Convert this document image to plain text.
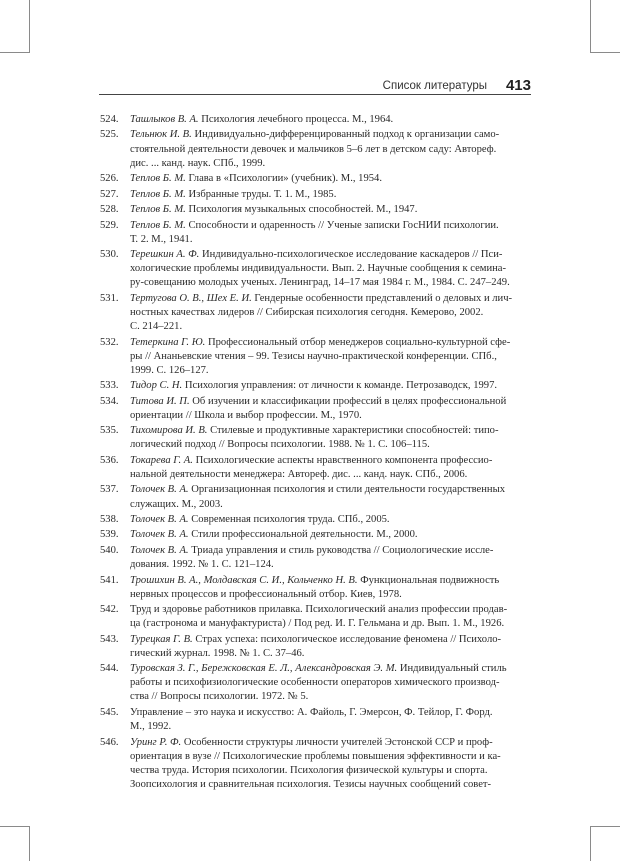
Список литературы 413
524.	Ташлыков В. А. Психология лечебного процесса. М., 1964.
525.	Тельнюк И. В. Индивидуально-дифференцированный подход к организации само-
стоятельной деятельности девочек и мальчиков 5–6 лет в детском саду: Автореф.
дис. ... канд. наук. СПб., 1999.
526.	Теплов Б. М. Глава в «Психологии» (учебник). М., 1954.
527.	Теплов Б. М. Избранные труды. Т. 1. М., 1985.
528.	Теплов Б. М. Психология музыкальных способностей. М., 1947.
529.	Теплов Б. М. Способности и одаренность // Ученые записки ГосНИИ психологии.
Т. 2. М., 1941.
530.	Терешкин А. Ф. Индивидуально-психологическое исследование каскадеров // Пси-
хологические проблемы индивидуальности. Вып. 2. Научные сообщения к семина-
ру-совещанию молодых ученых. Ленинград, 14–17 мая 1984 г. М., 1984. С. 247–249.
531.	Тертугова О. В., Шех Е. И. Гендерные особенности представлений о деловых и лич-
ностных качествах лидеров // Сибирская психология сегодня. Кемерово, 2002.
С. 214–221.
532.	Тетеркина Г. Ю. Профессиональный отбор менеджеров социально-культурной сфе-
ры // Ананьевские чтения – 99. Тезисы научно-практической конференции. СПб.,
1999. С. 126–127.
533.	Тидор С. Н. Психология управления: от личности к команде. Петрозаводск, 1997.
534.	Титова И. П. Об изучении и классификации профессий в целях профессиональной
ориентации // Школа и выбор профессии. М., 1970.
535.	Тихомирова И. В. Стилевые и продуктивные характеристики способностей: типо-
логический подход // Вопросы психологии. 1988. № 1. С. 106–115.
536.	Токарева Г. А. Психологические аспекты нравственного компонента профессио-
нальной деятельности менеджера: Автореф. дис. ... канд. наук. СПб., 2006.
537.	Толочек В. А. Организационная психология и стили деятельности государственных
служащих. М., 2003.
538.	Толочек В. А. Современная психология труда. СПб., 2005.
539.	Толочек В. А. Стили профессиональной деятельности. М., 2000.
540.	Толочек В. А. Триада управления и стиль руководства // Социологические иссле-
дования. 1992. № 1. С. 121–124.
541.	Трошихин В. А., Молдавская С. И., Кольченко Н. В. Функциональная подвижность
нервных процессов и профессиональный отбор. Киев, 1978.
542.	Труд и здоровье работников прилавка. Психологический анализ профессии продав-
ца (гастронома и мануфактуриста) / Под ред. И. Г. Гельмана и др. Вып. 1. М., 1926.
543.	Турецкая Г. В. Страх успеха: психологическое исследование феномена // Психоло-
гический журнал. 1998. № 1. С. 37–46.
544.	Туровская З. Г., Бережковская Е. Л., Александровская Э. М. Индивидуальный стиль
работы и психофизиологические особенности операторов химического производ-
ства // Вопросы психологии. 1972. № 5.
545.	Управление – это наука и искусство: А. Файоль, Г. Эмерсон, Ф. Тейлор, Г. Форд.
М., 1992.
546.	Уринг Р. Ф. Особенности структуры личности учителей Эстонской ССР и проф-
ориентация в вузе // Психологические проблемы повышения эффективности и ка-
чества труда. История психологии. Психология физической культуры и спорта.
Зоопсихология и сравнительная психология. Тезисы научных сообщений совет-
